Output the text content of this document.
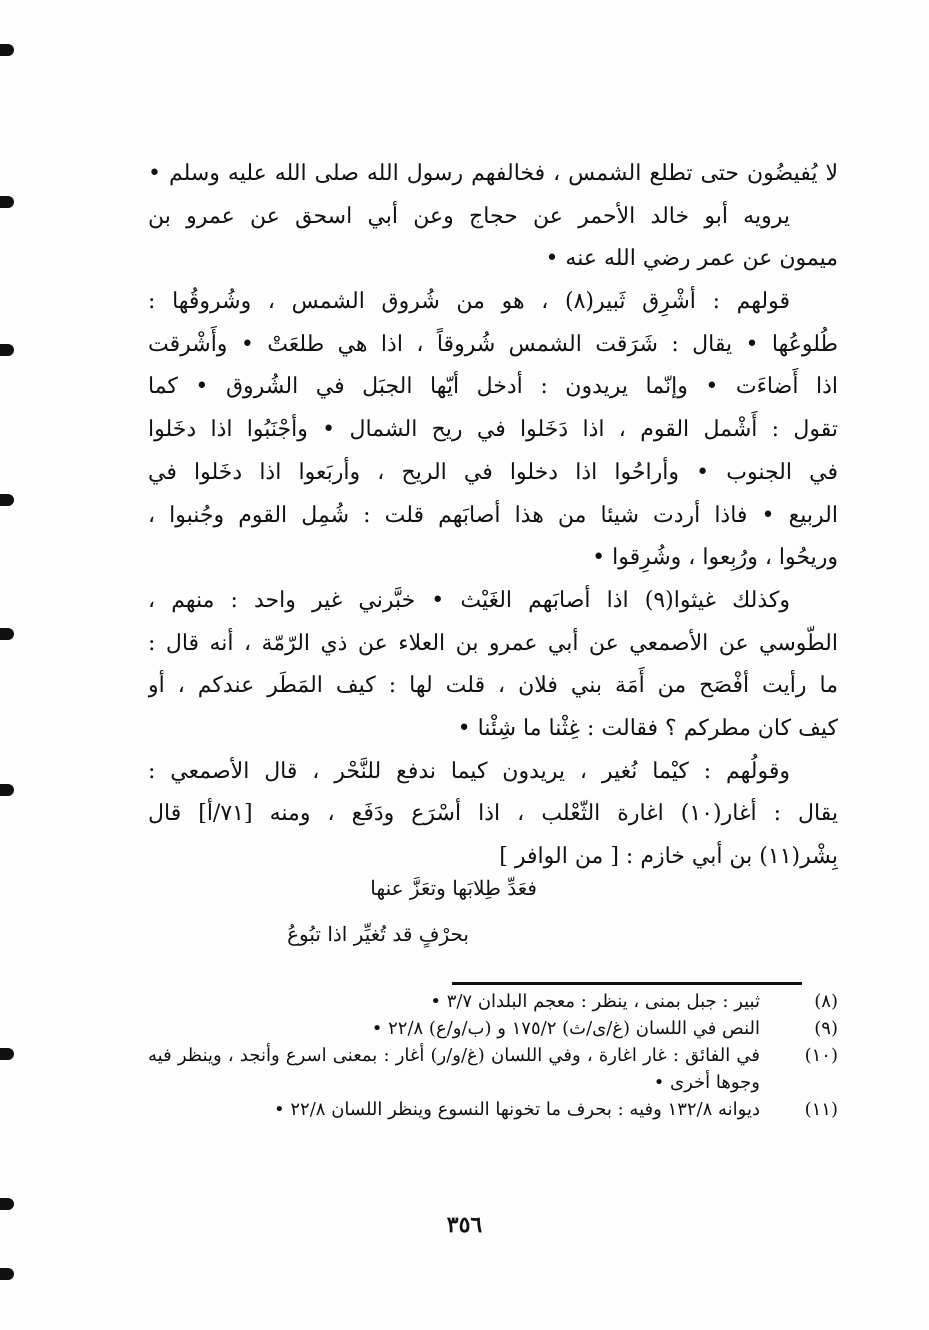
لا يُفيضُون حتى تطلع الشمس ، فخالفهم رسول الله صلى الله عليه وسلم •
يرويه أبو خالد الأحمر عن حجاج وعن أبي اسحق عن عمرو بن
ميمون عن عمر رضي الله عنه •
قولهم : أشْرِق ثَبير(٨) ، هو من شُروق الشمس ، وشُروقُها :
طُلوعُها • يقال : شَرَقت الشمس شُروقاً ، اذا هي طلعَتْ • وأَشْرقت
اذا أَضاءَت • وإنّما يريدون : أدخل أيّها الجبَل في الشُروق • كما
تقول : أَشْمل القوم ، اذا دَخَلوا في ريح الشمال • وأجْنَبُوا اذا دخَلوا
في الجنوب • وأراحُوا اذا دخلوا في الريح ، وأربَعوا اذا دخَلوا في
الربيع • فاذا أردت شيئا من هذا أصابَهم قلت : شُمِل القوم وجُنبوا ،
وريحُوا ، ورُبِعوا ، وشُرِقوا •
وكذلك غيثوا(٩) اذا أصابَهم الغَيْث • خبَّرني غير واحد : منهم ،
الطّوسي عن الأصمعي عن أبي عمرو بن العلاء عن ذي الرّمّة ، أنه قال :
ما رأيت أفْصَح من أَمَة بني فلان ، قلت لها : كيف المَطَر عندكم ، أو
كيف كان مطركم ؟ فقالت : غِثْنا ما شِئْنا •
وقولُهم : كيْما نُغير ، يريدون كيما ندفع للنَّحْر ، قال الأصمعي :
يقال : أغار(١٠) اغارة الثّعْلب ، اذا أسْرَع ودَفَع ، ومنه [٧١/أ] قال
بِشْر(١١) بن أبي خازم : [ من الوافر ]
فعَدِّ طِلابَها وتعَزَّ عنها
بحرْفٍ قد تُغيِّر اذا تبُوعُ
(٨)
ثبير : جبل بمنى ، ينظر : معجم البلدان ٣/٧ •
(٩)
النص في اللسان (غ/ى/ث) ١٧٥/٢ و (ب/و/ع) ٢٢/٨ •
(١٠)
في الفائق : غار اغارة ، وفي اللسان (غ/و/ر) أغار : بمعنى اسرع وأنجد ، وينظر فيه وجوها أخرى •
(١١)
ديوانه ١٣٢/٨ وفيه : بحرف ما تخونها النسوع وينظر اللسان ٢٢/٨ •
٣٥٦
